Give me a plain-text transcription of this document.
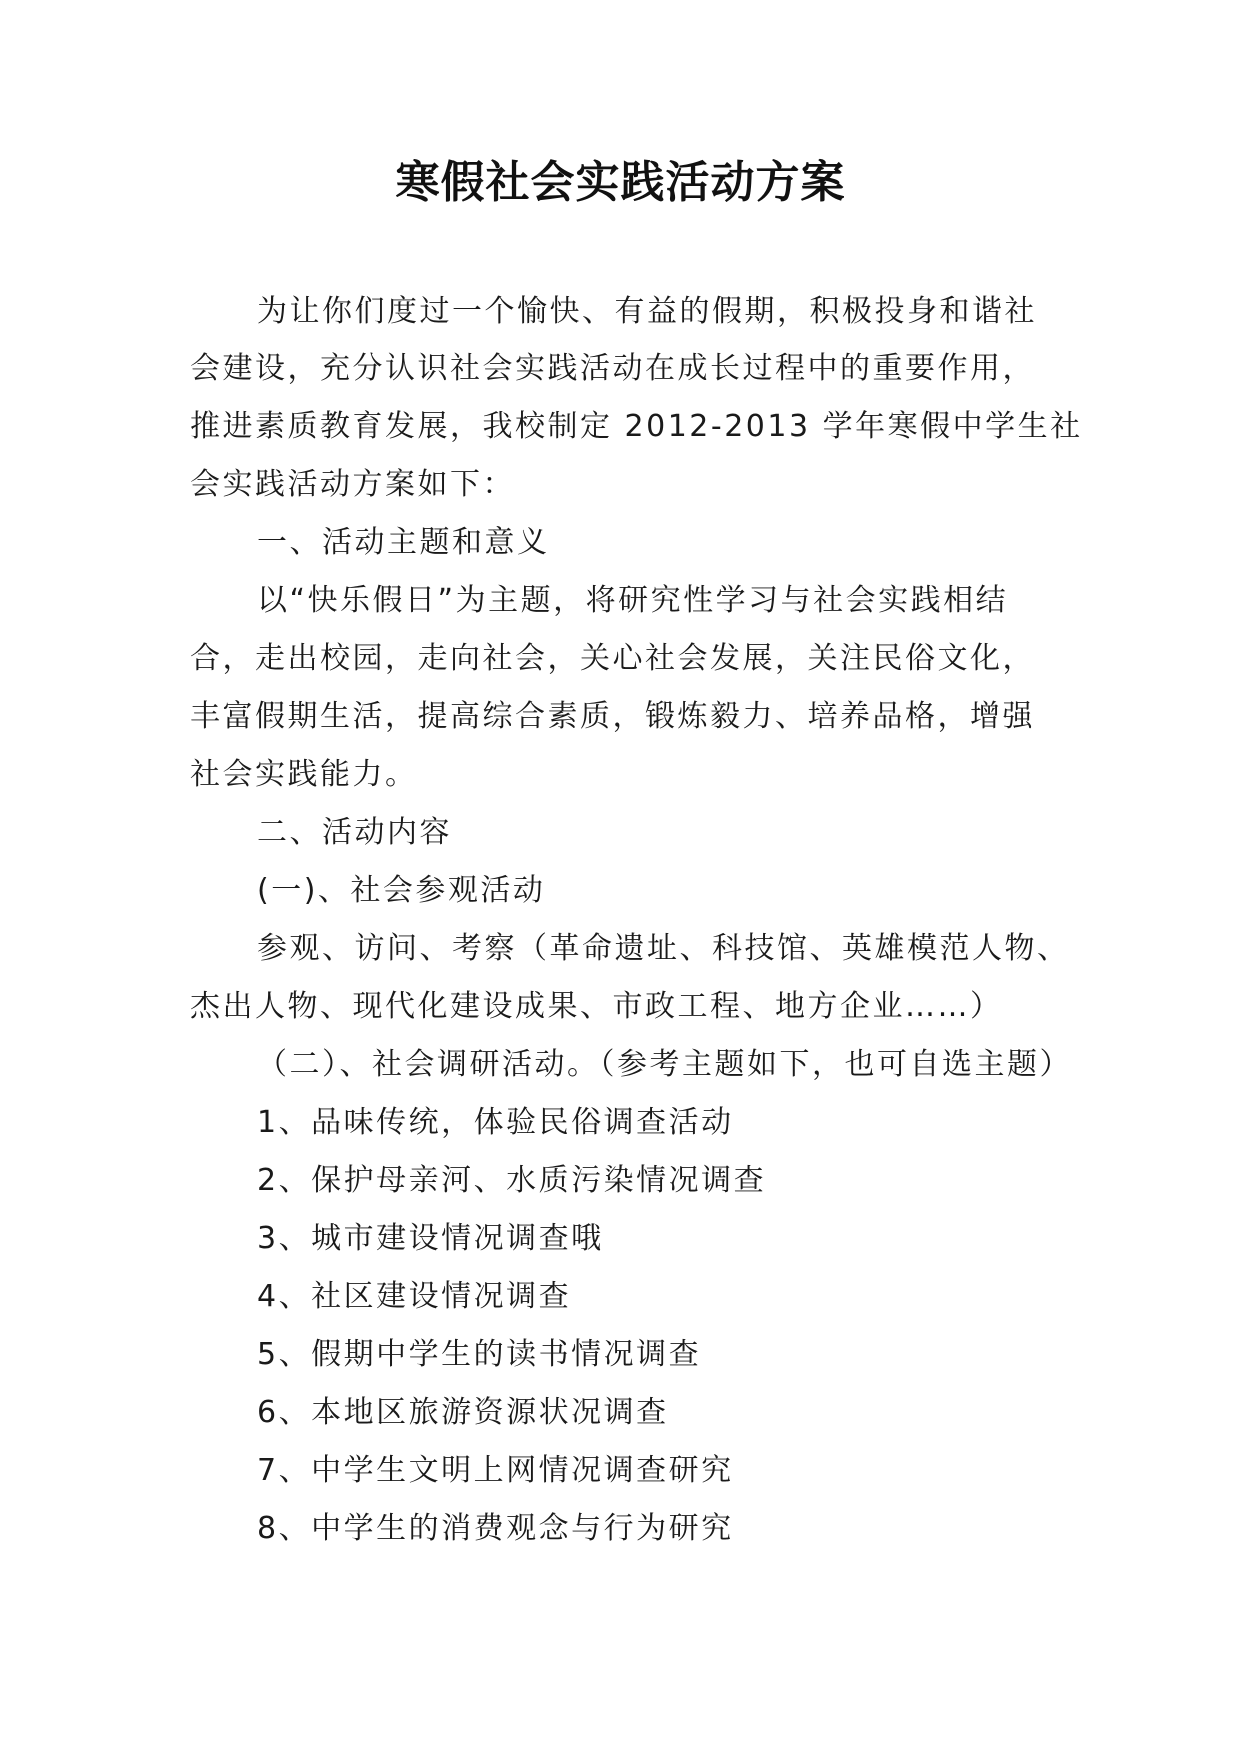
寒假社会实践活动方案
为让你们度过一个愉快、有益的假期，积极投身和谐社
会建设，充分认识社会实践活动在成长过程中的重要作用，
推进素质教育发展，我校制定 2012-2013 学年寒假中学生社
会实践活动方案如下：
一、活动主题和意义
以“快乐假日”为主题，将研究性学习与社会实践相结
合，走出校园，走向社会，关心社会发展，关注民俗文化，
丰富假期生活，提高综合素质，锻炼毅力、培养品格，增强
社会实践能力。
二、活动内容
(一)、社会参观活动
参观、访问、考察（革命遗址、科技馆、英雄模范人物、
杰出人物、现代化建设成果、市政工程、地方企业……）
（二）、社会调研活动。（参考主题如下，也可自选主题）
1、品味传统，体验民俗调查活动
2、保护母亲河、水质污染情况调查
3、城市建设情况调查哦
4、社区建设情况调查
5、假期中学生的读书情况调查
6、本地区旅游资源状况调查
7、中学生文明上网情况调查研究
8、中学生的消费观念与行为研究
